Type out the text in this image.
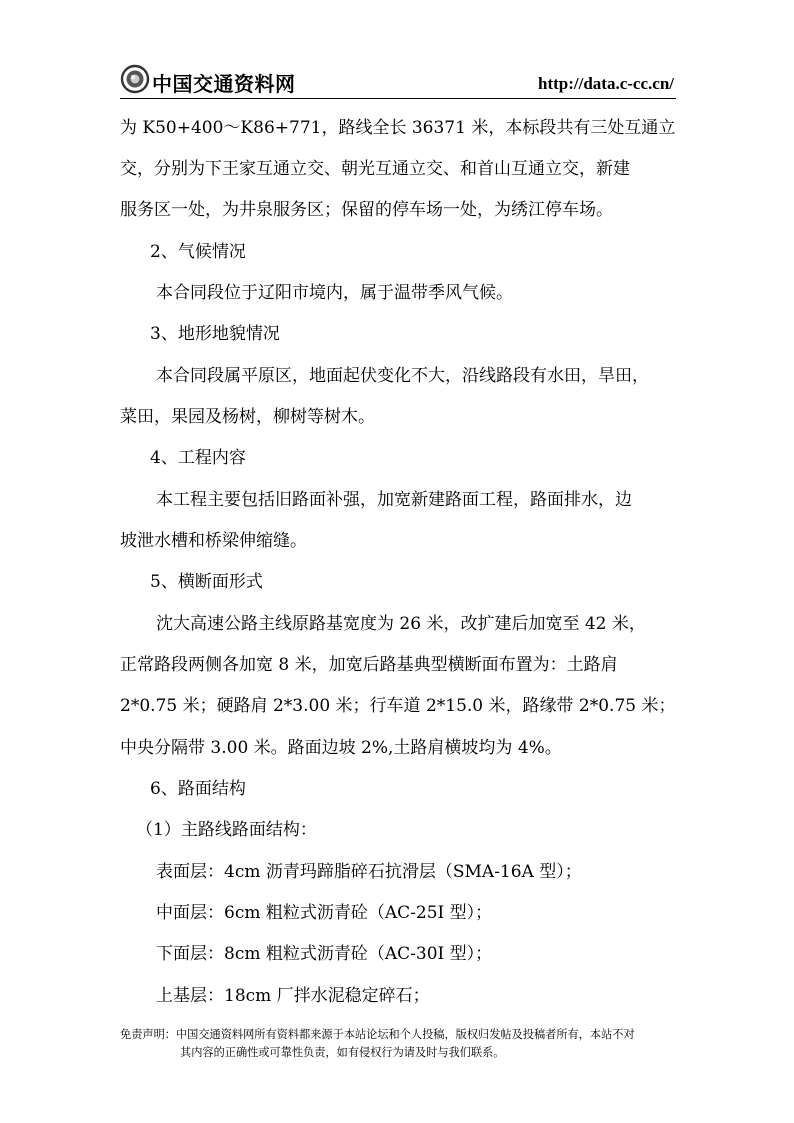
中国交通资料网	http://data.c-cc.cn/
为 K50+400～K86+771，路线全长 36371 米，本标段共有三处互通立
交，分别为下王家互通立交、朝光互通立交、和首山互通立交，新建
服务区一处，为井泉服务区；保留的停车场一处，为绣江停车场。
2、气候情况
本合同段位于辽阳市境内，属于温带季风气候。
3、地形地貌情况
本合同段属平原区，地面起伏变化不大，沿线路段有水田，旱田，
菜田，果园及杨树，柳树等树木。
4、工程内容
本工程主要包括旧路面补强，加宽新建路面工程，路面排水，边
坡泄水槽和桥梁伸缩缝。
5、横断面形式
沈大高速公路主线原路基宽度为 26 米，改扩建后加宽至 42 米，
正常路段两侧各加宽 8 米，加宽后路基典型横断面布置为：土路肩
2*0.75 米；硬路肩 2*3.00 米；行车道 2*15.0 米，路缘带 2*0.75 米；
中央分隔带 3.00 米。路面边坡 2%,土路肩横坡均为 4%。
6、路面结构
（1）主路线路面结构：
表面层：4cm 沥青玛蹄脂碎石抗滑层（SMA-16A 型）；
中面层：6cm 粗粒式沥青砼（AC-25I 型）；
下面层：8cm 粗粒式沥青砼（AC-30I 型）；
上基层：18cm 厂拌水泥稳定碎石；
免责声明：中国交通资料网所有资料都来源于本站论坛和个人投稿，版权归发帖及投稿者所有，本站不对
其内容的正确性或可靠性负责，如有侵权行为请及时与我们联系。
